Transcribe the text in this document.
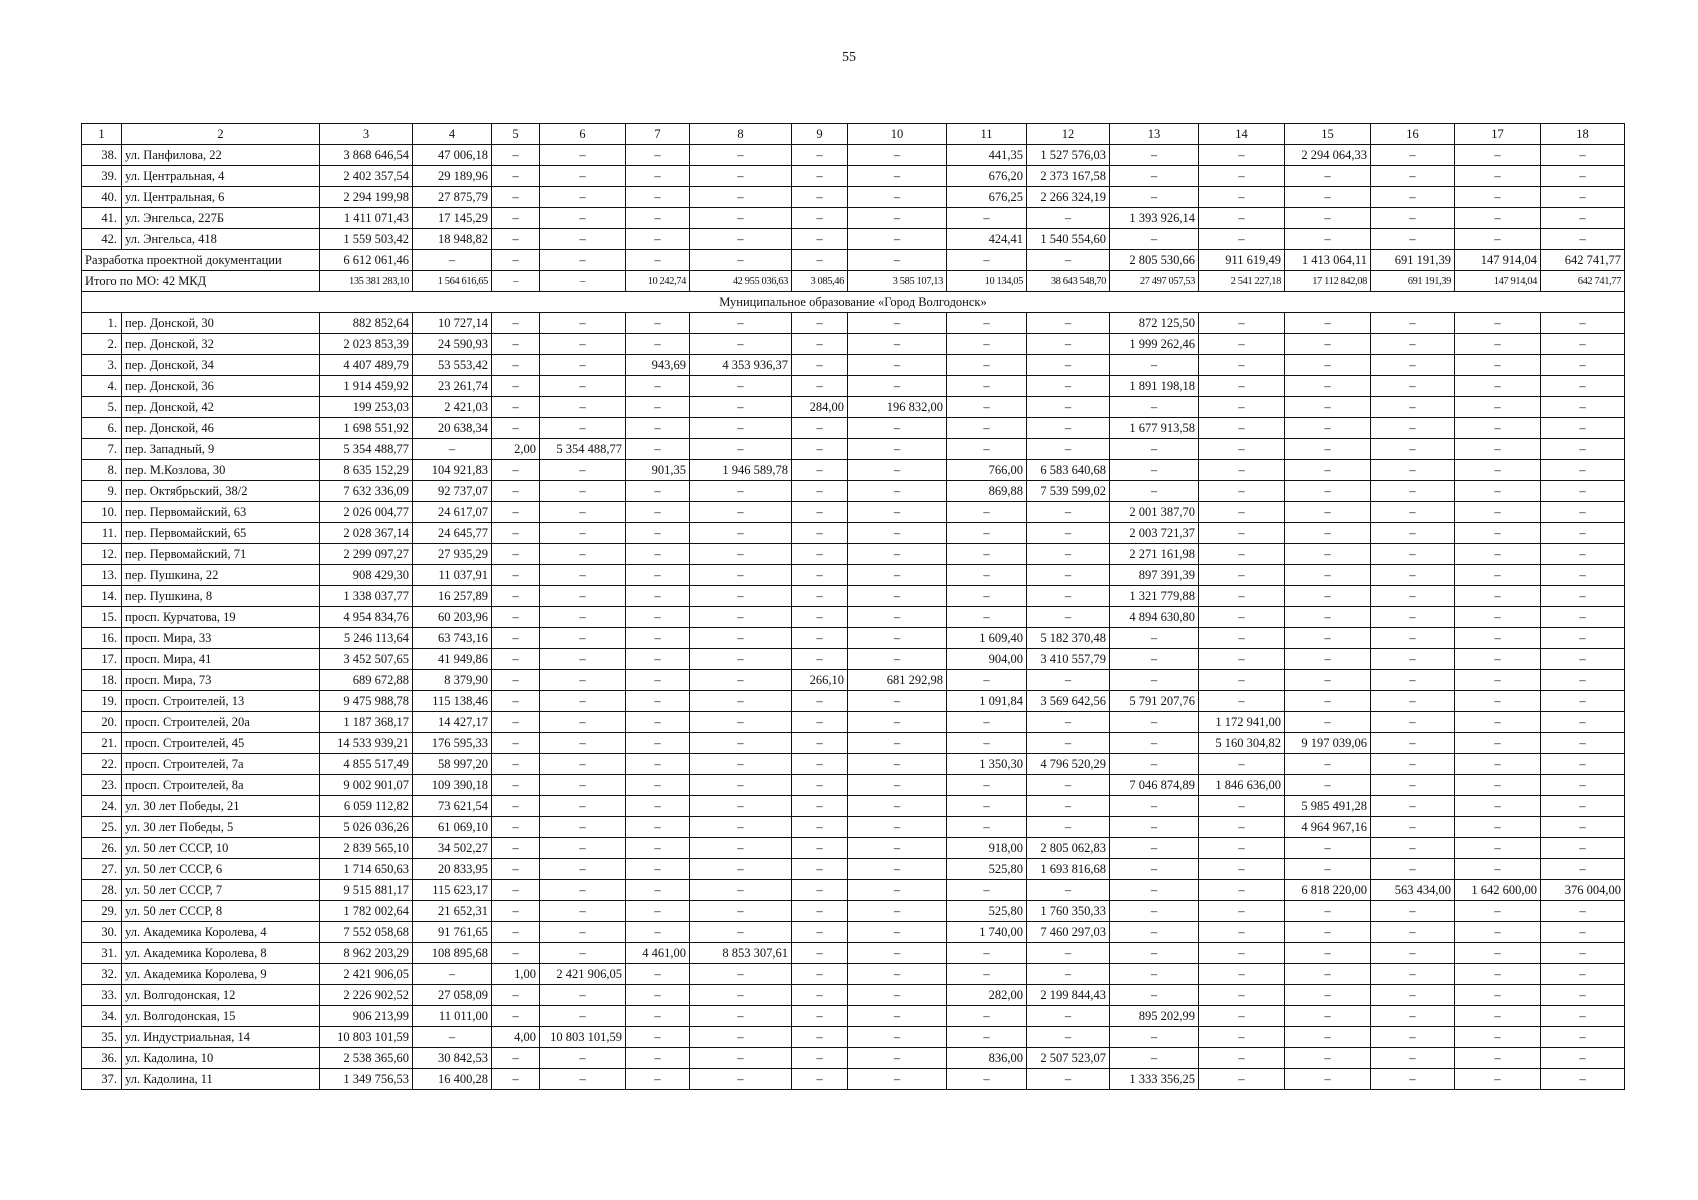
55
1	2	3	4	5	6	7	8	9	10	11	12	13	14	15	16	17	18
38.	ул. Панфилова, 22	3 868 646,54	47 006,18	–	–	–	–	–	–	441,35	1 527 576,03	–	–	2 294 064,33	–	–	–
39.	ул. Центральная, 4	2 402 357,54	29 189,96	–	–	–	–	–	–	676,20	2 373 167,58	–	–	–	–	–	–
40.	ул. Центральная, 6	2 294 199,98	27 875,79	–	–	–	–	–	–	676,25	2 266 324,19	–	–	–	–	–	–
41.	ул. Энгельса, 227Б	1 411 071,43	17 145,29	–	–	–	–	–	–	–	–	1 393 926,14	–	–	–	–	–
42.	ул. Энгельса, 418	1 559 503,42	18 948,82	–	–	–	–	–	–	424,41	1 540 554,60	–	–	–	–	–	–
Разработка проектной документации		6 612 061,46	–	–	–	–	–	–	–	–	–	2 805 530,66	911 619,49	1 413 064,11	691 191,39	147 914,04	642 741,77
Итого по МО: 42 МКД		135 381 283,10	1 564 616,65	–	–	10 242,74	42 955 036,63	3 085,46	3 585 107,13	10 134,05	38 643 548,70	27 497 057,53	2 541 227,18	17 112 842,08	691 191,39	147 914,04	642 741,77
Муниципальное образование «Город Волгодонск»																	
1.	пер. Донской, 30	882 852,64	10 727,14	–	–	–	–	–	–	–	–	872 125,50	–	–	–	–	–
2.	пер. Донской, 32	2 023 853,39	24 590,93	–	–	–	–	–	–	–	–	1 999 262,46	–	–	–	–	–
3.	пер. Донской, 34	4 407 489,79	53 553,42	–	–	943,69	4 353 936,37	–	–	–	–	–	–	–	–	–	–
4.	пер. Донской, 36	1 914 459,92	23 261,74	–	–	–	–	–	–	–	–	1 891 198,18	–	–	–	–	–
5.	пер. Донской, 42	199 253,03	2 421,03	–	–	–	–	284,00	196 832,00	–	–	–	–	–	–	–	–
6.	пер. Донской, 46	1 698 551,92	20 638,34	–	–	–	–	–	–	–	–	1 677 913,58	–	–	–	–	–
7.	пер. Западный, 9	5 354 488,77	–	2,00	5 354 488,77	–	–	–	–	–	–	–	–	–	–	–	–
8.	пер. М.Козлова, 30	8 635 152,29	104 921,83	–	–	901,35	1 946 589,78	–	–	766,00	6 583 640,68	–	–	–	–	–	–
9.	пер. Октябрьский, 38/2	7 632 336,09	92 737,07	–	–	–	–	–	–	869,88	7 539 599,02	–	–	–	–	–	–
10.	пер. Первомайский, 63	2 026 004,77	24 617,07	–	–	–	–	–	–	–	–	2 001 387,70	–	–	–	–	–
11.	пер. Первомайский, 65	2 028 367,14	24 645,77	–	–	–	–	–	–	–	–	2 003 721,37	–	–	–	–	–
12.	пер. Первомайский, 71	2 299 097,27	27 935,29	–	–	–	–	–	–	–	–	2 271 161,98	–	–	–	–	–
13.	пер. Пушкина, 22	908 429,30	11 037,91	–	–	–	–	–	–	–	–	897 391,39	–	–	–	–	–
14.	пер. Пушкина, 8	1 338 037,77	16 257,89	–	–	–	–	–	–	–	–	1 321 779,88	–	–	–	–	–
15.	просп. Курчатова, 19	4 954 834,76	60 203,96	–	–	–	–	–	–	–	–	4 894 630,80	–	–	–	–	–
16.	просп. Мира, 33	5 246 113,64	63 743,16	–	–	–	–	–	–	1 609,40	5 182 370,48	–	–	–	–	–	–
17.	просп. Мира, 41	3 452 507,65	41 949,86	–	–	–	–	–	–	904,00	3 410 557,79	–	–	–	–	–	–
18.	просп. Мира, 73	689 672,88	8 379,90	–	–	–	–	266,10	681 292,98	–	–	–	–	–	–	–	–
19.	просп. Строителей, 13	9 475 988,78	115 138,46	–	–	–	–	–	–	1 091,84	3 569 642,56	5 791 207,76	–	–	–	–	–
20.	просп. Строителей, 20а	1 187 368,17	14 427,17	–	–	–	–	–	–	–	–	–	1 172 941,00	–	–	–	–
21.	просп. Строителей, 45	14 533 939,21	176 595,33	–	–	–	–	–	–	–	–	–	5 160 304,82	9 197 039,06	–	–	–
22.	просп. Строителей, 7а	4 855 517,49	58 997,20	–	–	–	–	–	–	1 350,30	4 796 520,29	–	–	–	–	–	–
23.	просп. Строителей, 8а	9 002 901,07	109 390,18	–	–	–	–	–	–	–	–	7 046 874,89	1 846 636,00	–	–	–	–
24.	ул. 30 лет Победы, 21	6 059 112,82	73 621,54	–	–	–	–	–	–	–	–	–	–	5 985 491,28	–	–	–
25.	ул. 30 лет Победы, 5	5 026 036,26	61 069,10	–	–	–	–	–	–	–	–	–	–	4 964 967,16	–	–	–
26.	ул. 50 лет СССР, 10	2 839 565,10	34 502,27	–	–	–	–	–	–	918,00	2 805 062,83	–	–	–	–	–	–
27.	ул. 50 лет СССР, 6	1 714 650,63	20 833,95	–	–	–	–	–	–	525,80	1 693 816,68	–	–	–	–	–	–
28.	ул. 50 лет СССР, 7	9 515 881,17	115 623,17	–	–	–	–	–	–	–	–	–	–	6 818 220,00	563 434,00	1 642 600,00	376 004,00
29.	ул. 50 лет СССР, 8	1 782 002,64	21 652,31	–	–	–	–	–	–	525,80	1 760 350,33	–	–	–	–	–	–
30.	ул. Академика Королева, 4	7 552 058,68	91 761,65	–	–	–	–	–	–	1 740,00	7 460 297,03	–	–	–	–	–	–
31.	ул. Академика Королева, 8	8 962 203,29	108 895,68	–	–	4 461,00	8 853 307,61	–	–	–	–	–	–	–	–	–	–
32.	ул. Академика Королева, 9	2 421 906,05	–	1,00	2 421 906,05	–	–	–	–	–	–	–	–	–	–	–	–
33.	ул. Волгодонская, 12	2 226 902,52	27 058,09	–	–	–	–	–	–	282,00	2 199 844,43	–	–	–	–	–	–
34.	ул. Волгодонская, 15	906 213,99	11 011,00	–	–	–	–	–	–	–	–	895 202,99	–	–	–	–	–
35.	ул. Индустриальная, 14	10 803 101,59	–	4,00	10 803 101,59	–	–	–	–	–	–	–	–	–	–	–	–
36.	ул. Кадолина, 10	2 538 365,60	30 842,53	–	–	–	–	–	–	836,00	2 507 523,07	–	–	–	–	–	–
37.	ул. Кадолина, 11	1 349 756,53	16 400,28	–	–	–	–	–	–	–	–	1 333 356,25	–	–	–	–	–
